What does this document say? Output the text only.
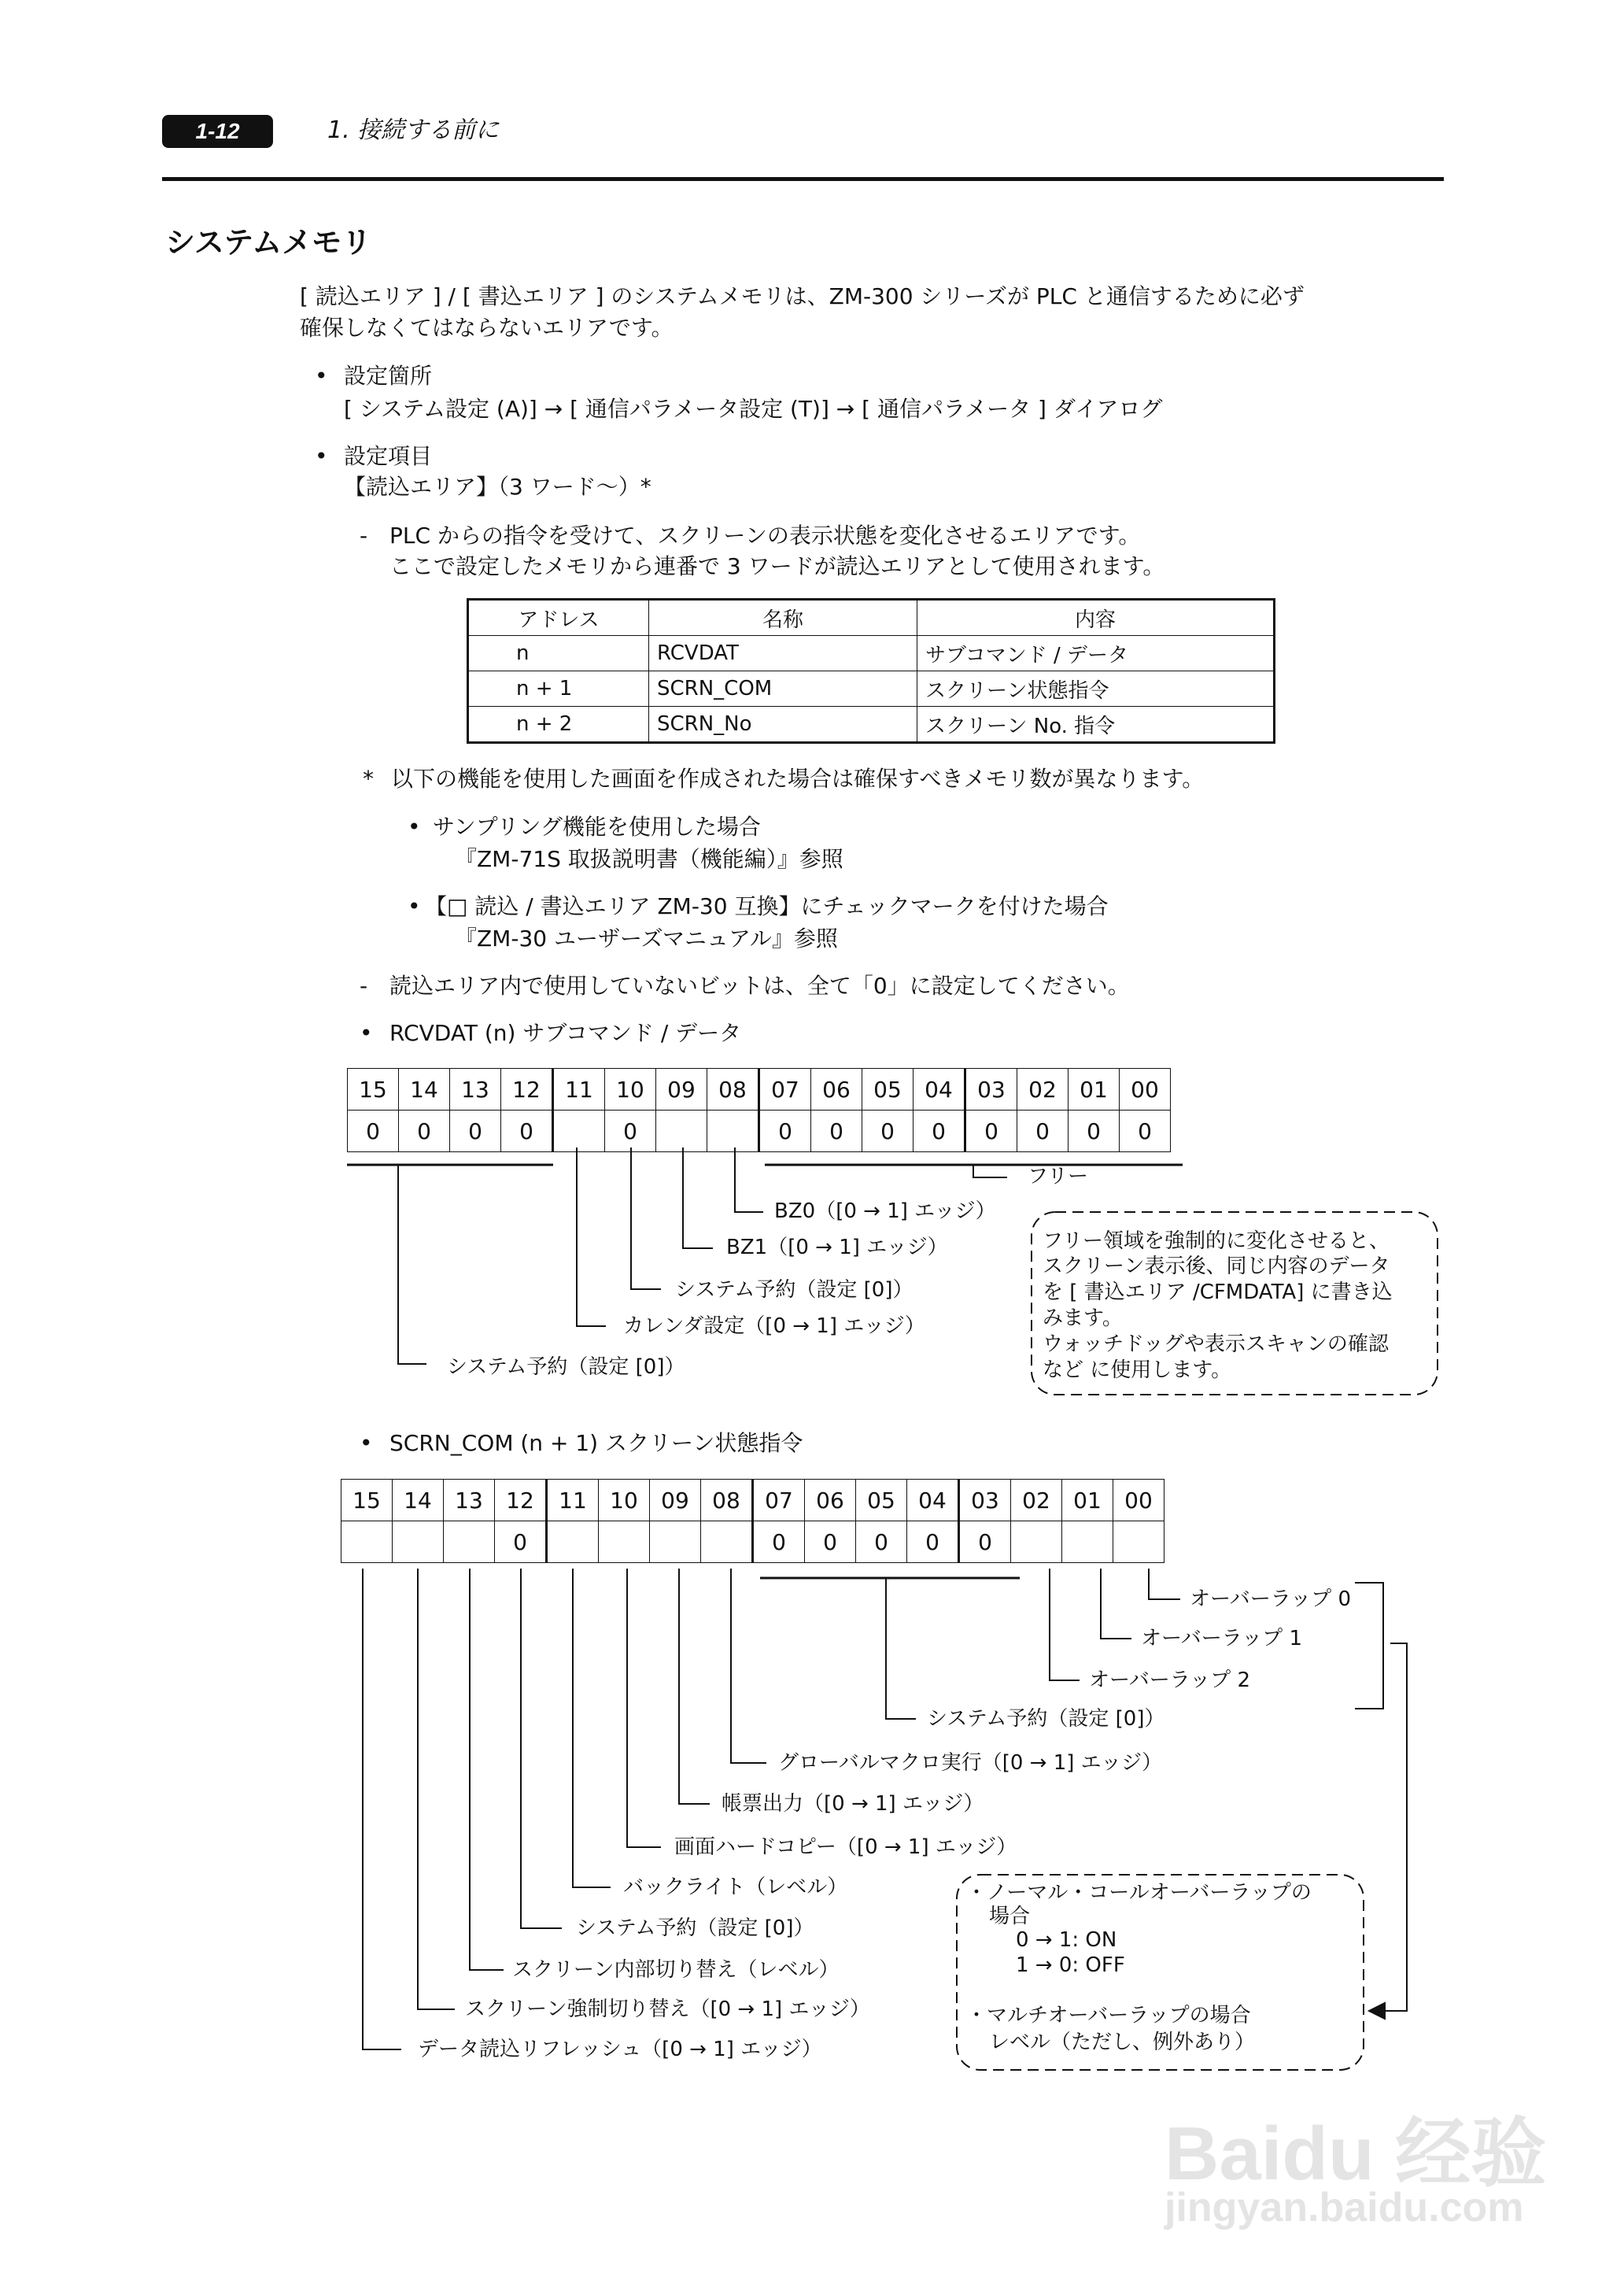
1-12	1. 接続する前に
システムメモリ
[ 読込エリア ] / [ 書込エリア ] のシステムメモリは、ZM-300 シリーズが PLC と通信するために必ず
確保しなくてはならないエリアです。
• 設定箇所
[ システム設定 (A)] → [ 通信パラメータ設定 (T)] → [ 通信パラメータ ] ダイアログ
• 設定項目
【読込エリア】（3 ワード～）*
- PLC からの指令を受けて、スクリーンの表示状態を変化させるエリアです。
ここで設定したメモリから連番で 3 ワードが読込エリアとして使用されます。
アドレス	名称	内容
n	RCVDAT	サブコマンド / データ
n + 1	SCRN_COM	スクリーン状態指令
n + 2	SCRN_No	スクリーン No. 指令
* 以下の機能を使用した画面を作成された場合は確保すべきメモリ数が異なります。
• サンプリング機能を使用した場合
『ZM-71S 取扱説明書（機能編）』参照
• 【□ 読込 / 書込エリア ZM-30 互換】にチェックマークを付けた場合
『ZM-30 ユーザーズマニュアル』参照
- 読込エリア内で使用していないビットは、全て「0」に設定してください。
• RCVDAT (n) サブコマンド / データ
15	14	13	12	11	10	09	08	07	06	05	04	03	02	01	00
0	0	0	0		0			0	0	0	0	0	0	0	0
フリー
BZ0（[0 → 1] エッジ）
BZ1（[0 → 1] エッジ）
システム予約（設定 [0]）
カレンダ設定（[0 → 1] エッジ）
システム予約（設定 [0]）
フリー領域を強制的に変化させると、
スクリーン表示後、同じ内容のデータ
を [ 書込エリア /CFMDATA] に書き込
みます。
ウォッチドッグや表示スキャンの確認
など に使用します。
• SCRN_COM (n + 1) スクリーン状態指令
15	14	13	12	11	10	09	08	07	06	05	04	03	02	01	00
			0					0	0	0	0	0			
オーバーラップ 0
オーバーラップ 1
オーバーラップ 2
システム予約（設定 [0]）
グローバルマクロ実行（[0 → 1] エッジ）
帳票出力（[0 → 1] エッジ）
画面ハードコピー（[0 → 1] エッジ）
バックライト（レベル）
システム予約（設定 [0]）
スクリーン内部切り替え（レベル）
スクリーン強制切り替え（[0 → 1] エッジ）
データ読込リフレッシュ（[0 → 1] エッジ）
・ノーマル・コールオーバーラップの
場合
0 → 1: ON
1 → 0: OFF
・マルチオーバーラップの場合
レベル（ただし、例外あり）
Baidu 经验
jingyan.baidu.com
